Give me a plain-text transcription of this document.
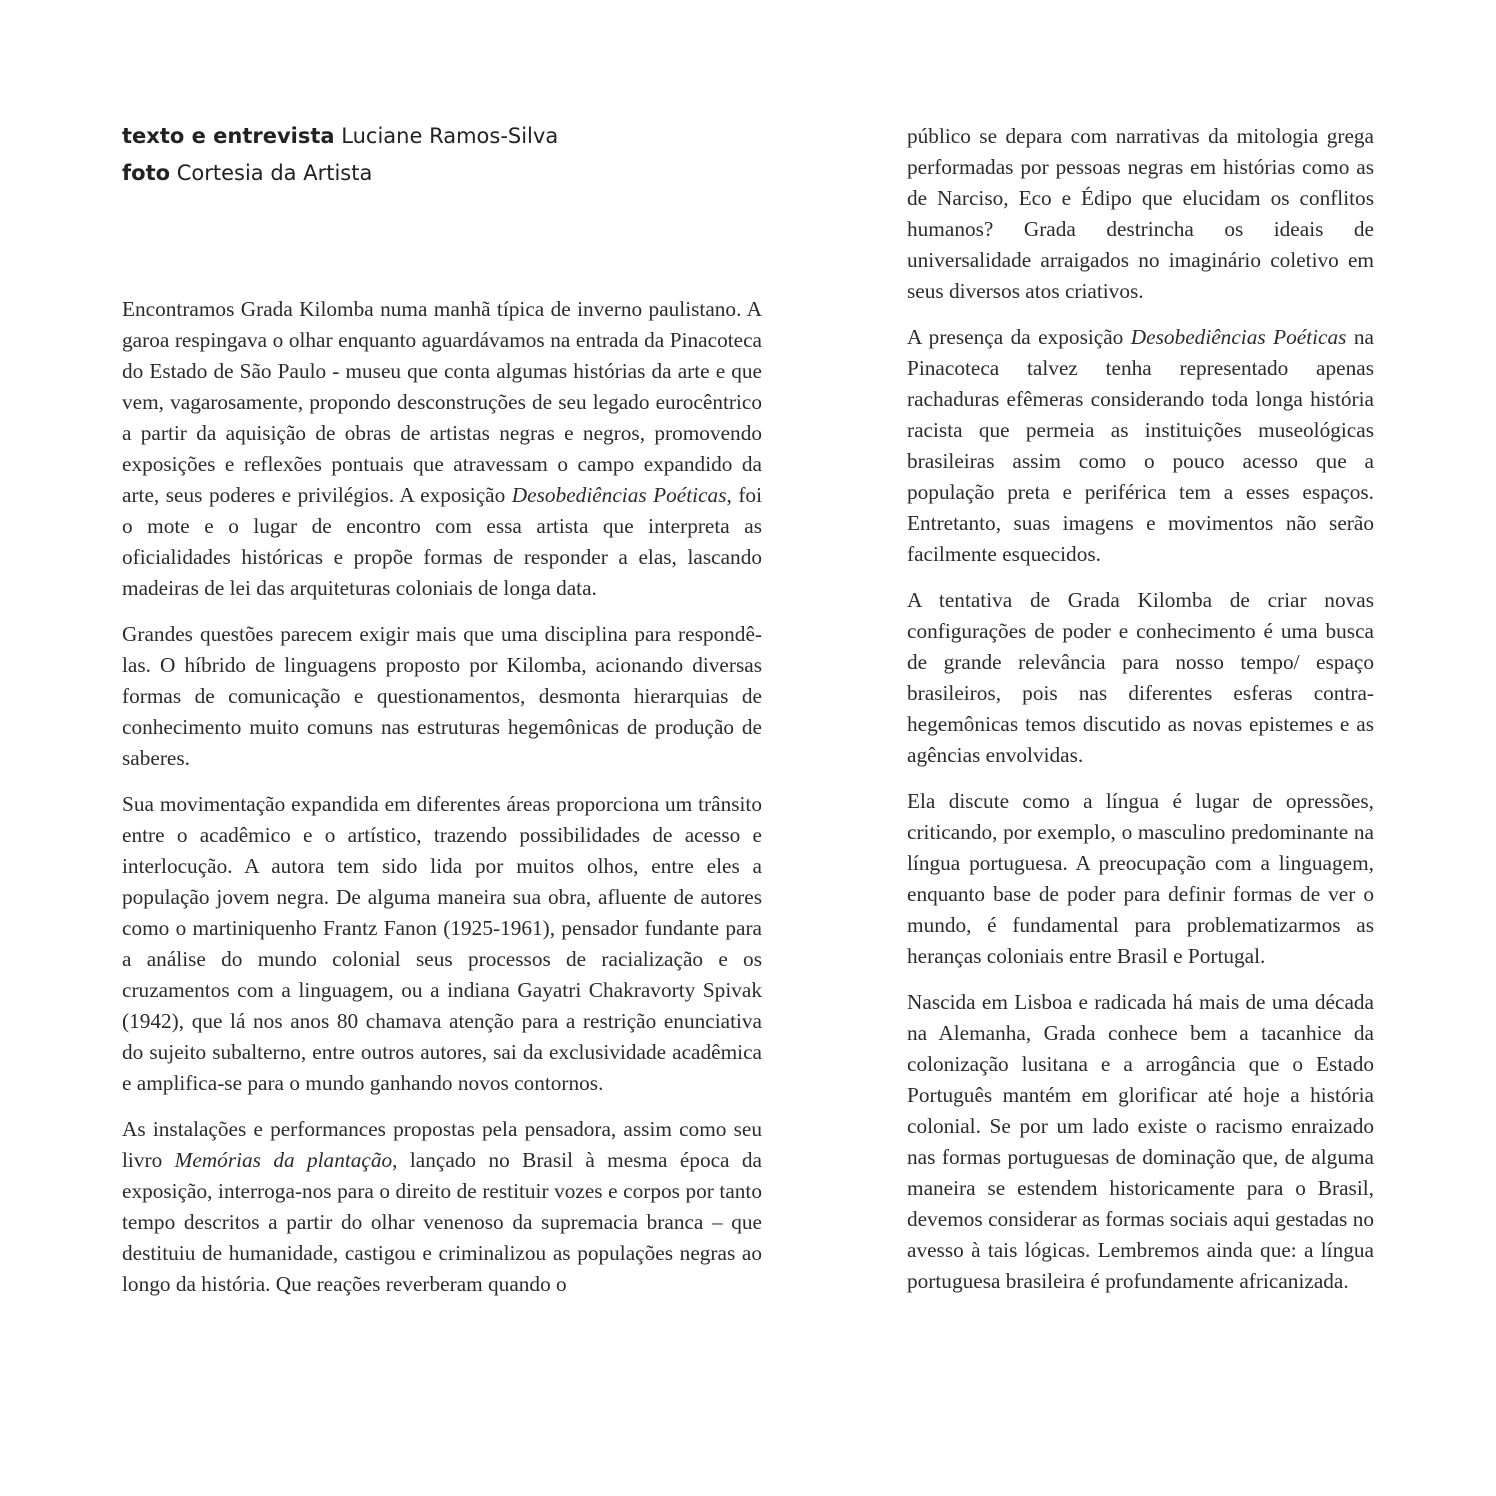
texto e entrevista Luciane Ramos-Silva
foto Cortesia da Artista

Encontramos Grada Kilomba numa manhã típica de inverno paulistano. A garoa respingava o olhar enquanto aguardávamos na entrada da Pinacoteca do Estado de São Paulo - museu que conta algumas histórias da arte e que vem, vagarosamente, propondo desconstruções de seu legado eurocêntrico a partir da aquisição de obras de artistas negras e negros, promovendo exposições e reflexões pontuais que atravessam o campo expandido da arte, seus poderes e privilégios. A exposição Desobediências Poéticas, foi o mote e o lugar de encontro com essa artista que interpreta as oficialidades históricas e propõe formas de responder a elas, lascando madeiras de lei das arquiteturas coloniais de longa data.

Grandes questões parecem exigir mais que uma disciplina para respondê-las. O híbrido de linguagens proposto por Kilomba, acionando diversas formas de comunicação e questionamentos, desmonta hierarquias de conhecimento muito comuns nas estruturas hegemônicas de produção de saberes.

Sua movimentação expandida em diferentes áreas proporciona um trânsito entre o acadêmico e o artístico, trazendo possibilidades de acesso e interlocução. A autora tem sido lida por muitos olhos, entre eles a população jovem negra. De alguma maneira sua obra, afluente de autores como o martiniquenho Frantz Fanon (1925-1961), pensador fundante para a análise do mundo colonial seus processos de racialização e os cruzamentos com a linguagem, ou a indiana Gayatri Chakravorty Spivak (1942), que lá nos anos 80 chamava atenção para a restrição enunciativa do sujeito subalterno, entre outros autores, sai da exclusividade acadêmica e amplifica-se para o mundo ganhando novos contornos.

As instalações e performances propostas pela pensadora, assim como seu livro Memórias da plantação, lançado no Brasil à mesma época da exposição, interroga-nos para o direito de restituir vozes e corpos por tanto tempo descritos a partir do olhar venenoso da supremacia branca – que destituiu de humanidade, castigou e criminalizou as populações negras ao longo da história. Que reações reverberam quando o

público se depara com narrativas da mitologia grega performadas por pessoas negras em histórias como as de Narciso, Eco e Édipo que elucidam os conflitos humanos? Grada destrincha os ideais de universalidade arraigados no imaginário coletivo em seus diversos atos criativos.

A presença da exposição Desobediências Poéticas na Pinacoteca talvez tenha representado apenas rachaduras efêmeras considerando toda longa história racista que permeia as instituições museológicas brasileiras assim como o pouco acesso que a população preta e periférica tem a esses espaços. Entretanto, suas imagens e movimentos não serão facilmente esquecidos.

A tentativa de Grada Kilomba de criar novas configurações de poder e conhecimento é uma busca de grande relevância para nosso tempo/ espaço brasileiros, pois nas diferentes esferas contra-hegemônicas temos discutido as novas epistemes e as agências envolvidas.

Ela discute como a língua é lugar de opressões, criticando, por exemplo, o masculino predominante na língua portuguesa. A preocupação com a linguagem, enquanto base de poder para definir formas de ver o mundo, é fundamental para problematizarmos as heranças coloniais entre Brasil e Portugal.

Nascida em Lisboa e radicada há mais de uma década na Alemanha, Grada conhece bem a tacanhice da colonização lusitana e a arrogância que o Estado Português mantém em glorificar até hoje a história colonial. Se por um lado existe o racismo enraizado nas formas portuguesas de dominação que, de alguma maneira se estendem historicamente para o Brasil, devemos considerar as formas sociais aqui gestadas no avesso à tais lógicas. Lembremos ainda que: a língua portuguesa brasileira é profundamente africanizada.
